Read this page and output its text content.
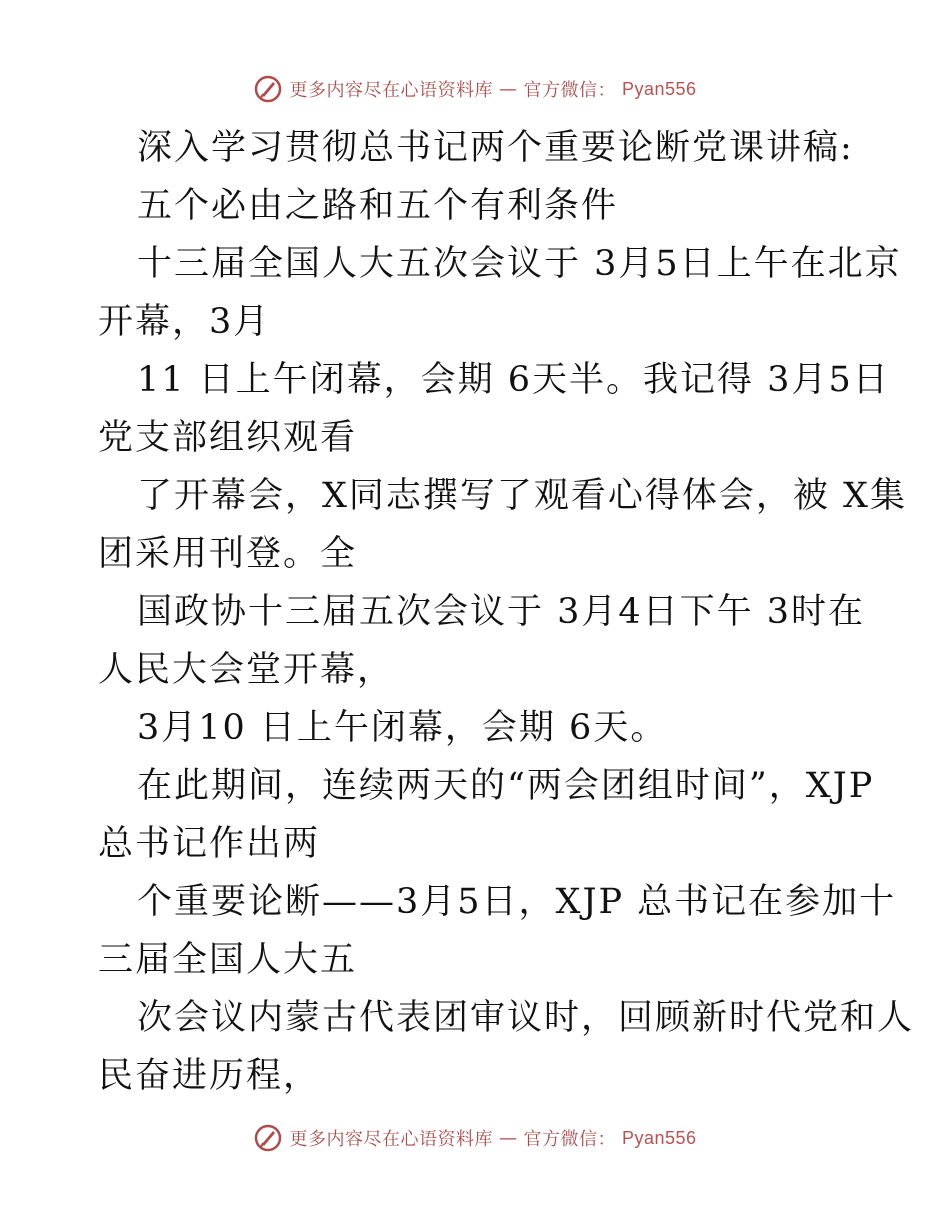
更多内容尽在心语资料库 — 官方微信： Pyan556
深入学习贯彻总书记两个重要论断党课讲稿:
五个必由之路和五个有利条件
十三届全国人大五次会议于 3月5日上午在北京
开幕，3月
11 日上午闭幕，会期 6天半。我记得 3月5日
党支部组织观看
了开幕会，X同志撰写了观看心得体会，被 X集
团采用刊登。全
国政协十三届五次会议于 3月4日下午 3时在
人民大会堂开幕，
3月10 日上午闭幕，会期 6天。
在此期间，连续两天的“两会团组时间”，XJP
总书记作出两
个重要论断——3月5日，XJP 总书记在参加十
三届全国人大五
次会议内蒙古代表团审议时，回顾新时代党和人
民奋进历程，
更多内容尽在心语资料库 — 官方微信： Pyan556
